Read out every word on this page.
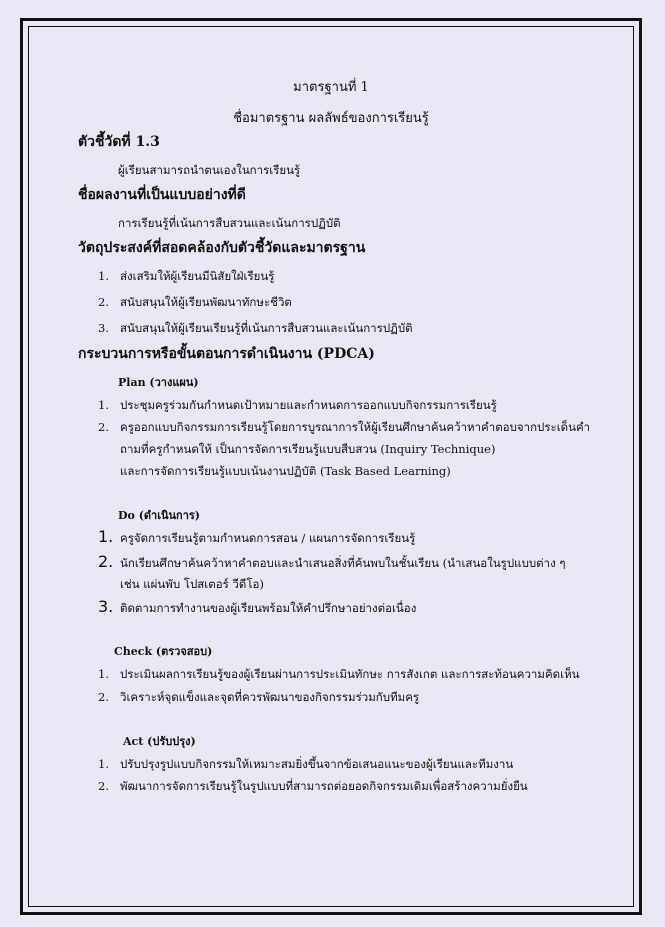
มาตรฐานที่ 1
ชื่อมาตรฐาน ผลลัพธ์ของการเรียนรู้
ตัวชี้วัดที่ 1.3
ผู้เรียนสามารถนำตนเองในการเรียนรู้
ชื่อผลงานที่เป็นแบบอย่างที่ดี
การเรียนรู้ที่เน้นการสืบสวนและเน้นการปฏิบัติ
วัตถุประสงค์ที่สอดคล้องกับตัวชี้วัดและมาตรฐาน
1. ส่งเสริมให้ผู้เรียนมีนิสัยใฝ่เรียนรู้
2. สนับสนุนให้ผู้เรียนพัฒนาทักษะชีวิต
3. สนับสนุนให้ผู้เรียนเรียนรู้ที่เน้นการสืบสวนและเน้นการปฏิบัติ
กระบวนการหรือขั้นตอนการดำเนินงาน (PDCA)
Plan (วางแผน)
1. ประชุมครูร่วมกันกำหนดเป้าหมายและกำหนดการออกแบบกิจกรรมการเรียนรู้
2. ครูออกแบบกิจกรรมการเรียนรู้โดยการบูรณาการให้ผู้เรียนศึกษาค้นคว้าหาคำตอบจากประเด็นคำ
ถามที่ครูกำหนดให้ เป็นการจัดการเรียนรู้แบบสืบสวน (Inquiry Technique)
และการจัดการเรียนรู้แบบเน้นงานปฏิบัติ (Task Based Learning)
Do (ดำเนินการ)
1. ครูจัดการเรียนรู้ตามกำหนดการสอน / แผนการจัดการเรียนรู้
2. นักเรียนศึกษาค้นคว้าหาคำตอบและนำเสนอสิ่งที่ค้นพบในชั้นเรียน (นำเสนอในรูปแบบต่าง ๆ
เช่น แผ่นพับ โปสเตอร์ วีดีโอ)
3. ติดตามการทำงานของผู้เรียนพร้อมให้คำปรึกษาอย่างต่อเนื่อง
Check (ตรวจสอบ)
1. ประเมินผลการเรียนรู้ของผู้เรียนผ่านการประเมินทักษะ การสังเกต และการสะท้อนความคิดเห็น
2. วิเคราะห์จุดแข็งและจุดที่ควรพัฒนาของกิจกรรมร่วมกับทีมครู
Act (ปรับปรุง)
1. ปรับปรุงรูปแบบกิจกรรมให้เหมาะสมยิ่งขึ้นจากข้อเสนอแนะของผู้เรียนและทีมงาน
2. พัฒนาการจัดการเรียนรู้ในรูปแบบที่สามารถต่อยอดกิจกรรมเดิมเพื่อสร้างความยั่งยืน
